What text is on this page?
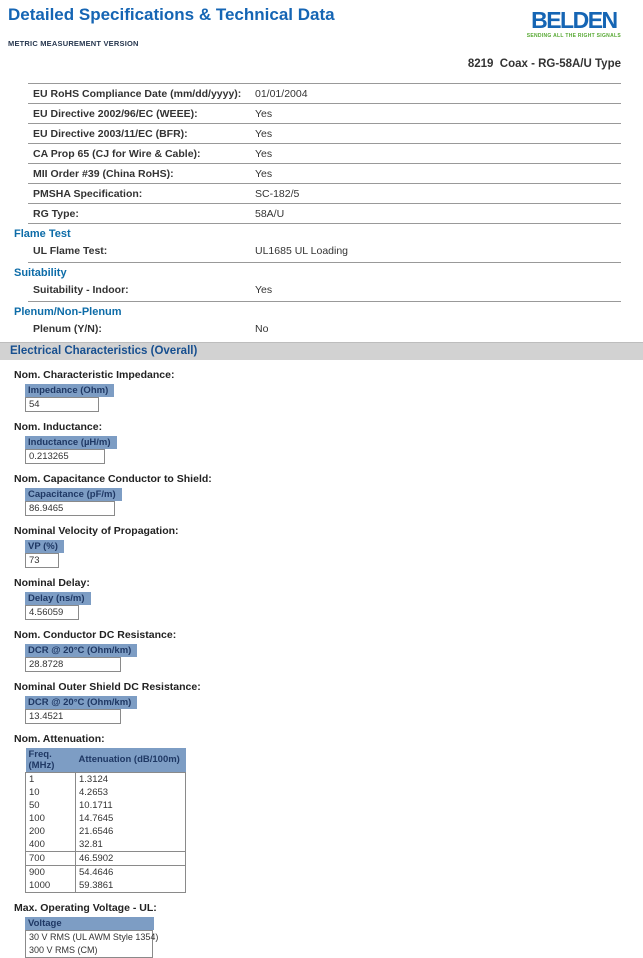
Detailed Specifications & Technical Data
METRIC MEASUREMENT VERSION
BELDEN
SENDING ALL THE RIGHT SIGNALS
8219  Coax - RG-58A/U Type
EU RoHS Compliance Date (mm/dd/yyyy):	01/01/2004
EU Directive 2002/96/EC (WEEE):	Yes
EU Directive 2003/11/EC (BFR):	Yes
CA Prop 65 (CJ for Wire & Cable):	Yes
MII Order #39 (China RoHS):	Yes
PMSHA Specification:	SC-182/5
RG Type:	58A/U
Flame Test
UL Flame Test:	UL1685 UL Loading
Suitability
Suitability - Indoor:	Yes
Plenum/Non-Plenum
Plenum (Y/N):	No
Electrical Characteristics (Overall)
Nom. Characteristic Impedance:
Impedance (Ohm)
54
Nom. Inductance:
Inductance (µH/m)
0.213265
Nom. Capacitance Conductor to Shield:
Capacitance (pF/m)
86.9465
Nominal Velocity of Propagation:
VP (%)
73
Nominal Delay:
Delay (ns/m)
4.56059
Nom. Conductor DC Resistance:
DCR @ 20°C (Ohm/km)
28.8728
Nominal Outer Shield DC Resistance:
DCR @ 20°C (Ohm/km)
13.4521
Nom. Attenuation:
Freq. (MHz)	Attenuation (dB/100m)
1	1.3124
10	4.2653
50	10.1711
100	14.7645
200	21.6546
400	32.81
700	46.5902
900	54.4646
1000	59.3861
Max. Operating Voltage - UL:
Voltage
30 V RMS (UL AWM Style 1354)
300 V RMS (CM)
